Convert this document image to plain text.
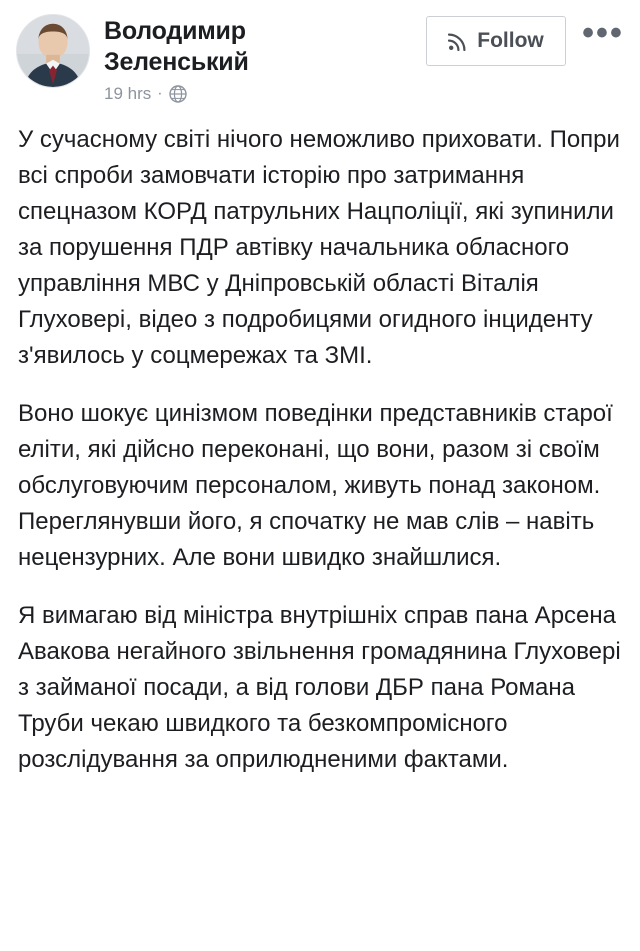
Володимир Зеленський
19 hrs ·
Follow •••

У сучасному світі нічого неможливо приховати. Попри всі спроби замовчати історію про затримання спецназом КОРД патрульних Нацполіції, які зупинили за порушення ПДР автівку начальника обласного управління МВС у Дніпровській області Віталія Глуховері, відео з подробицями огидного інциденту з'явилось у соцмережах та ЗМІ.

Воно шокує цинізмом поведінки представників старої еліти, які дійсно переконані, що вони, разом зі своїм обслуговуючим персоналом, живуть понад законом. Переглянувши його, я спочатку не мав слів – навіть нецензурних. Але вони швидко знайшлися.

Я вимагаю від міністра внутрішніх справ пана Арсена Авакова негайного звільнення громадянина Глуховері з займаної посади, а від голови ДБР пана Романа Труби чекаю швидкого та безкомпромісного розслідування за оприлюдненими фактами.
